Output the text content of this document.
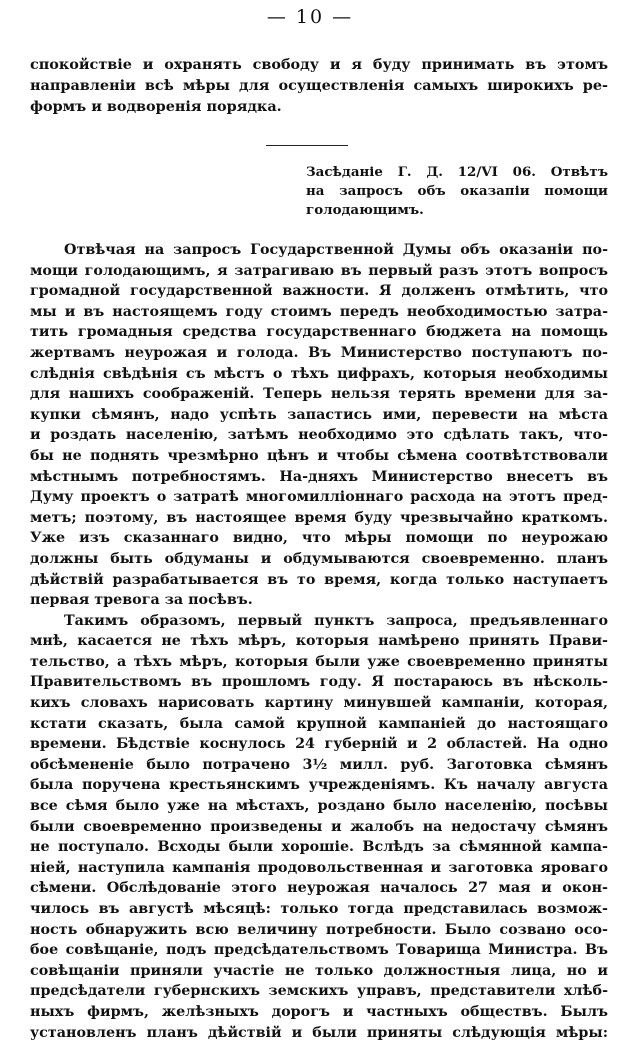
— 10 —
спокойствіе и охранять свободу и я буду принимать въ этомъ
направленіи всѣ мѣры для осуществленія самыхъ широкихъ ре-
формъ и водворенія порядка.
Засѣданіе Г. Д. 12/VI 06. Отвѣтъ
на запросъ объ оказапіи помощи
голодающимъ.
Отвѣчая на запросъ Государственной Думы объ оказаніи по-
мощи голодающимъ, я затрагиваю въ первый разъ этотъ вопросъ
громадной государственной важности. Я долженъ отмѣтить, что
мы и въ настоящемъ году стоимъ передъ необходимостью затра-
тить громадныя средства государственнаго бюджета на помощь
жертвамъ неурожая и голода. Въ Министерство поступаютъ по-
слѣднія свѣдѣнія съ мѣстъ о тѣхъ цифрахъ, которыя необходимы
для нашихъ соображеній. Теперь нельзя терять времени для за-
купки сѣмянъ, надо успѣть запастись ими, перевести на мѣста
и роздать населенію, затѣмъ необходимо это сдѣлать такъ, что-
бы не поднять чрезмѣрно цѣнъ и чтобы сѣмена соотвѣтствовали
мѣстнымъ потребностямъ. На-дняхъ Министерство внесетъ въ
Думу проектъ о затратѣ многомилліоннаго расхода на этотъ пред-
метъ; поэтому, въ настоящее время буду чрезвычайно краткомъ.
Уже изъ сказаннаго видно, что мѣры помощи по неурожаю
должны быть обдуманы и обдумываются своевременно. планъ
дѣйствій разрабатывается въ то время, когда только наступаетъ
первая тревога за посѣвъ.
Такимъ образомъ, первый пунктъ запроса, предъявленнаго
мнѣ, касается не тѣхъ мѣръ, которыя намѣрено принять Прави-
тельство, а тѣхъ мѣръ, которыя были уже своевременно приняты
Правительствомъ въ прошломъ году. Я постараюсь въ нѣсколь-
кихъ словахъ нарисовать картину минувшей кампаніи, которая,
кстати сказать, была самой крупной кампаніей до настоящаго
времени. Бѣдствіе коснулось 24 губерній и 2 областей. На одно
обсѣмененіе было потрачено 3½ милл. руб. Заготовка сѣмянъ
была поручена крестьянскимъ учрежденіямъ. Къ началу августа
все сѣмя было уже на мѣстахъ, роздано было населенію, посѣвы
были своевременно произведены и жалобъ на недостачу сѣмянъ
не поступало. Всходы были хорошіе. Вслѣдъ за сѣмянной кампа-
ніей, наступила кампанія продовольственная и заготовка яроваго
сѣмени. Обслѣдованіе этого неурожая началось 27 мая и окон-
чилось въ августѣ мѣсяцѣ: только тогда представилась возмож-
ность обнаружить всю величину потребности. Было созвано осо-
бое совѣщаніе, подъ предсѣдательствомъ Товарища Министра. Въ
совѣщаніи приняли участіе не только должностныя лица, но и
предсѣдатели губернскихъ земскихъ управъ, представители хлѣб-
ныхъ фирмъ, желѣзныхъ дорогъ и частныхъ обществъ. Былъ
установленъ планъ дѣйствій и были приняты слѣдующія мѣры:
